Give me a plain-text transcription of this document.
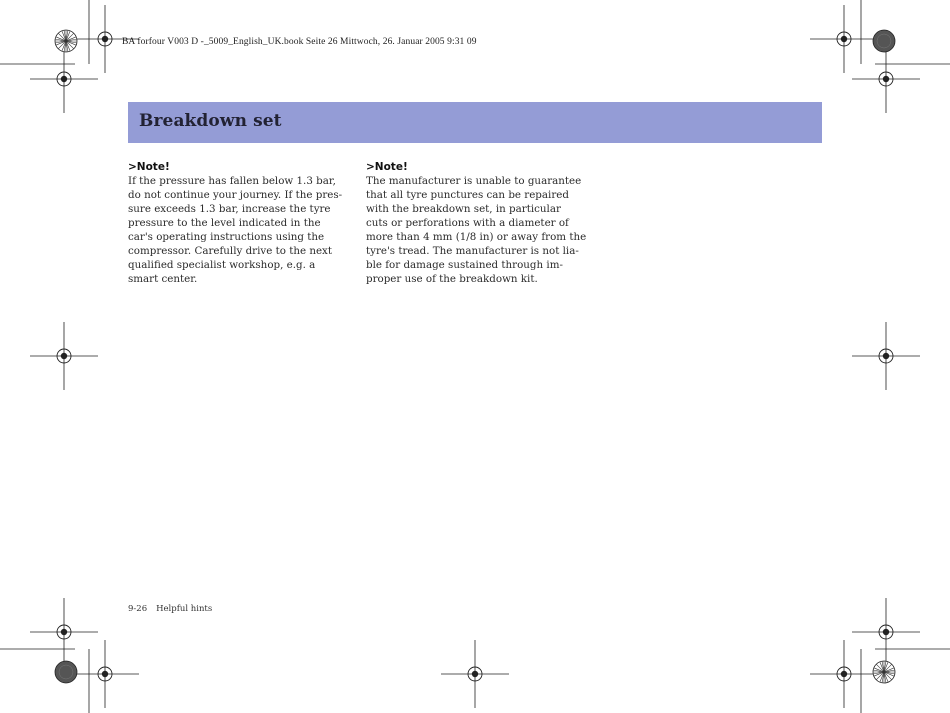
BA forfour V003 D -_5009_English_UK.book Seite 26 Mittwoch, 26. Januar 2005 9:31 09
Breakdown set
>Note!
If the pressure has fallen below 1.3 bar,
do not continue your journey. If the pres-
sure exceeds 1.3 bar, increase the tyre
pressure to the level indicated in the
car's operating instructions using the
compressor. Carefully drive to the next
qualified specialist workshop, e.g. a
smart center.
>Note!
The manufacturer is unable to guarantee
that all tyre punctures can be repaired
with the breakdown set, in particular
cuts or perforations with a diameter of
more than 4 mm (1/8 in) or away from the
tyre's tread. The manufacturer is not lia-
ble for damage sustained through im-
proper use of the breakdown kit.
9-26 Helpful hints
